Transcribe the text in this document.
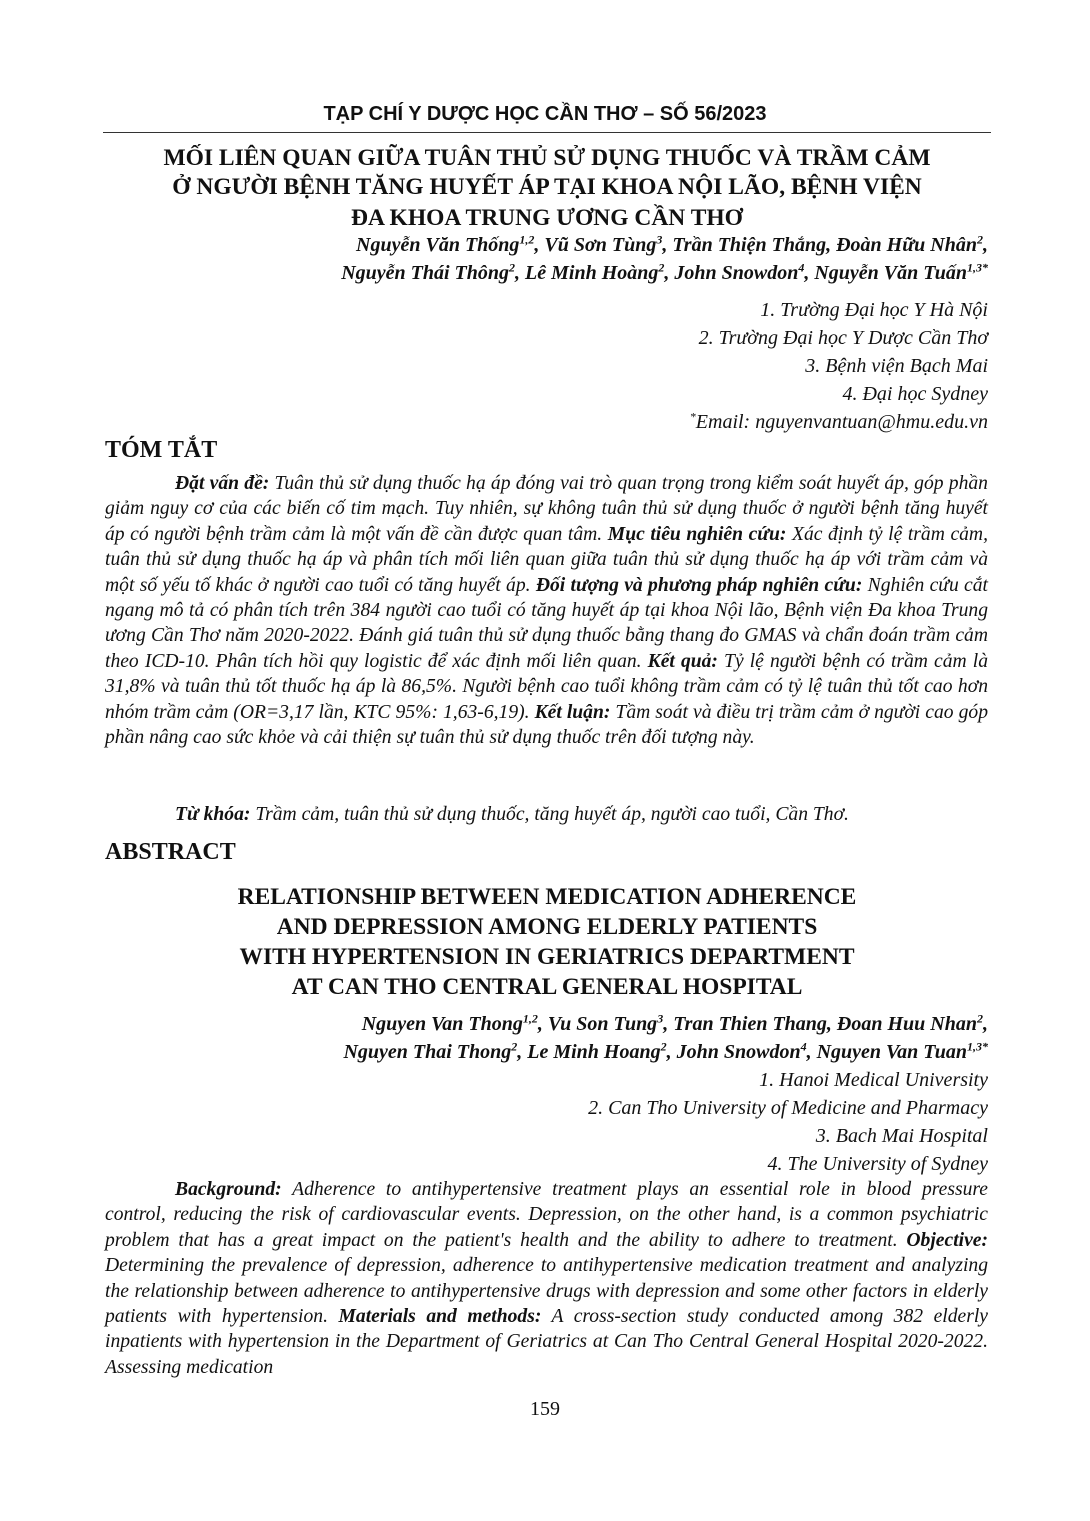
TẠP CHÍ Y DƯỢC HỌC CẦN THƠ – SỐ 56/2023
MỐI LIÊN QUAN GIỮA TUÂN THỦ SỬ DỤNG THUỐC VÀ TRẦM CẢM
Ở NGƯỜI BỆNH TĂNG HUYẾT ÁP TẠI KHOA NỘI LÃO, BỆNH VIỆN
ĐA KHOA TRUNG ƯƠNG CẦN THƠ
Nguyễn Văn Thống$^{1,2}$, Vũ Sơn Tùng$^3$, Trần Thiện Thắng, Đoàn Hữu Nhân$^2$,
Nguyễn Thái Thông$^2$, Lê Minh Hoàng$^2$, John Snowdon$^4$, Nguyễn Văn Tuấn$^{1,3*}$
1. Trường Đại học Y Hà Nội
2. Trường Đại học Y Dược Cần Thơ
3. Bệnh viện Bạch Mai
4. Đại học Sydney
*Email: nguyenvantuan@hmu.edu.vn
TÓM TẮT
Đặt vấn đề: Tuân thủ sử dụng thuốc hạ áp đóng vai trò quan trọng trong kiểm soát huyết áp, góp phần giảm nguy cơ của các biến cố tim mạch. Tuy nhiên, sự không tuân thủ sử dụng thuốc ở người bệnh tăng huyết áp có người bệnh trầm cảm là một vấn đề cần được quan tâm. Mục tiêu nghiên cứu: Xác định tỷ lệ trầm cảm, tuân thủ sử dụng thuốc hạ áp và phân tích mối liên quan giữa tuân thủ sử dụng thuốc hạ áp với trầm cảm và một số yếu tố khác ở người cao tuổi có tăng huyết áp. Đối tượng và phương pháp nghiên cứu: Nghiên cứu cắt ngang mô tả có phân tích trên 384 người cao tuổi có tăng huyết áp tại khoa Nội lão, Bệnh viện Đa khoa Trung ương Cần Thơ năm 2020-2022. Đánh giá tuân thủ sử dụng thuốc bằng thang đo GMAS và chẩn đoán trầm cảm theo ICD-10. Phân tích hồi quy logistic để xác định mối liên quan. Kết quả: Tỷ lệ người bệnh có trầm cảm là 31,8% và tuân thủ tốt thuốc hạ áp là 86,5%. Người bệnh cao tuổi không trầm cảm có tỷ lệ tuân thủ tốt cao hơn nhóm trầm cảm (OR=3,17 lần, KTC 95%: 1,63-6,19). Kết luận: Tầm soát và điều trị trầm cảm ở người cao góp phần nâng cao sức khỏe và cải thiện sự tuân thủ sử dụng thuốc trên đối tượng này.
Từ khóa: Trầm cảm, tuân thủ sử dụng thuốc, tăng huyết áp, người cao tuổi, Cần Thơ.
ABSTRACT
RELATIONSHIP BETWEEN MEDICATION ADHERENCE
AND DEPRESSION AMONG ELDERLY PATIENTS
WITH HYPERTENSION IN GERIATRICS DEPARTMENT
AT CAN THO CENTRAL GENERAL HOSPITAL
Nguyen Van Thong$^{1,2}$, Vu Son Tung$^3$, Tran Thien Thang, Đoan Huu Nhan$^2$,
Nguyen Thai Thong$^2$, Le Minh Hoang$^2$, John Snowdon$^4$, Nguyen Van Tuan$^{1,3*}$
1. Hanoi Medical University
2. Can Tho University of Medicine and Pharmacy
3. Bach Mai Hospital
4. The University of Sydney
Background: Adherence to antihypertensive treatment plays an essential role in blood pressure control, reducing the risk of cardiovascular events. Depression, on the other hand, is a common psychiatric problem that has a great impact on the patient's health and the ability to adhere to treatment. Objective: Determining the prevalence of depression, adherence to antihypertensive medication treatment and analyzing the relationship between adherence to antihypertensive drugs with depression and some other factors in elderly patients with hypertension. Materials and methods: A cross-section study conducted among 382 elderly inpatients with hypertension in the Department of Geriatrics at Can Tho Central General Hospital 2020-2022. Assessing medication
159
